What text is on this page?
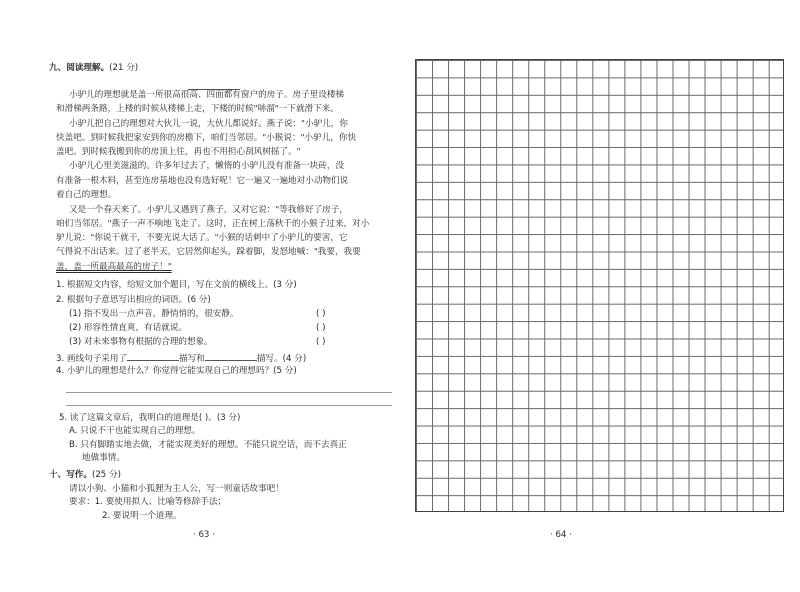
九、阅读理解。(21 分)
小驴儿的理想就是盖一所很高很高、四面都有窗户的房子。房子里设楼梯
和滑梯两条路，上楼的时候从楼梯上走，下楼的时候"哧溜"一下就滑下来。
小驴儿把自己的理想对大伙儿一说，大伙儿都说好。燕子说："小驴儿，你
快盖吧。到时候我把家安到你的房檐下，咱们当邻居。"小猴说："小驴儿，你快
盖吧。到时候我搬到你的房顶上住，再也不用担心刮风树摇了。"
小驴儿心里美滋滋的。许多年过去了，懒惰的小驴儿没有准备一块砖，没
有准备一根木料，甚至连房基地也没有选好呢！它一遍又一遍地对小动物们说
着自己的理想。
又是一个春天来了。小驴儿又遇到了燕子，又对它说："等我修好了房子，
咱们当邻居。"燕子一声不响地飞走了。这时，正在树上荡秋千的小猴子过来，对小
驴儿说："你说干就干，不要光说大话了。"小猴的话刺中了小驴儿的要害，它
气得说不出话来。过了老半天，它居然仰起头，跺着脚，发怒地喊："我要，我要
盖，盖一所最高最高的房子！"
1. 根据短文内容，给短文加个题目，写在文前的横线上。(3 分)
2. 根据句子意思写出相应的词语。(6 分)
(1) 指不发出一点声音，静悄悄的，很安静。	( )
(2) 形容性情直爽，有话就说。	( )
(3) 对未来事物有根据的合理的想象。	( )
3. 画线句子采用了	描写和	描写。(4 分)
4. 小驴儿的理想是什么？你觉得它能实现自己的理想吗？(5 分)
5. 读了这篇文章后，我明白的道理是( )。(3 分)
A. 只说不干也能实现自己的理想。
B. 只有脚踏实地去做，才能实现美好的理想。不能只说空话，而不去真正
地做事情。
十、写作。(25 分)
请以小狗、小猫和小狐狸为主人公，写一则童话故事吧！
要求：1. 要使用拟人、比喻等修辞手法；
2. 要说明一个道理。
· 63 ·	· 64 ·
